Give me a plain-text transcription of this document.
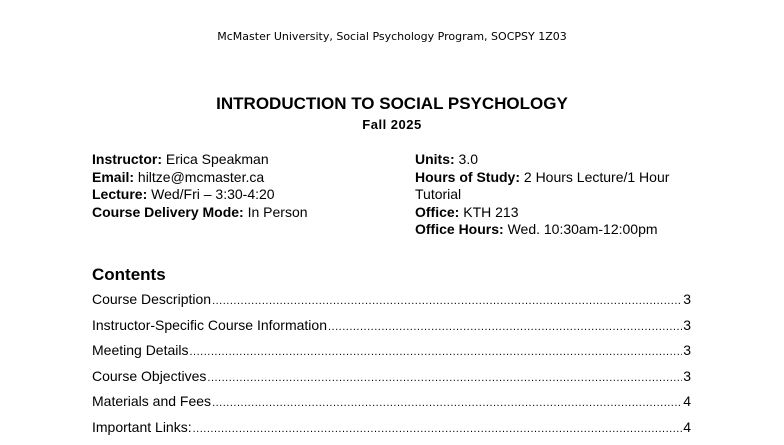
McMaster University, Social Psychology Program, SOCPSY 1Z03
INTRODUCTION TO SOCIAL PSYCHOLOGY
Fall 2025
Instructor: Erica Speakman
Email: hiltze@mcmaster.ca
Lecture: Wed/Fri – 3:30-4:20
Course Delivery Mode: In Person
Units: 3.0
Hours of Study: 2 Hours Lecture/1 Hour Tutorial
Office: KTH 213
Office Hours: Wed. 10:30am-12:00pm
Contents
Course Description .....	3
Instructor-Specific Course Information .....	3
Meeting Details .....	3
Course Objectives .....	3
Materials and Fees .....	4
Important Links: .....	4
